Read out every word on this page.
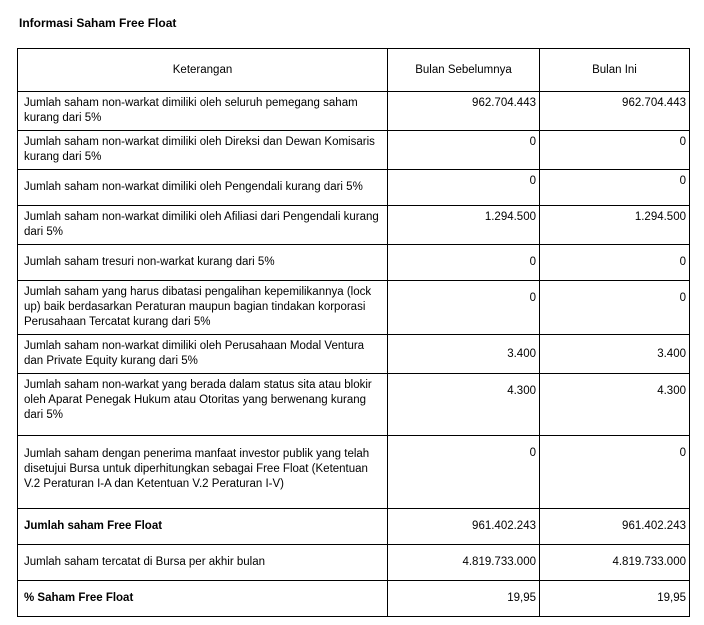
Informasi Saham Free Float
Keterangan	Bulan Sebelumnya	Bulan Ini
Jumlah saham non-warkat dimiliki oleh seluruh pemegang saham kurang dari 5%	962.704.443	962.704.443
Jumlah saham non-warkat dimiliki oleh Direksi dan Dewan Komisaris kurang dari 5%	0	0
Jumlah saham non-warkat dimiliki oleh Pengendali kurang dari 5%	0	0
Jumlah saham non-warkat dimiliki oleh Afiliasi dari Pengendali kurang dari 5%	1.294.500	1.294.500
Jumlah saham tresuri non-warkat kurang dari 5%	0	0
Jumlah saham yang harus dibatasi pengalihan kepemilikannya (lock up) baik berdasarkan Peraturan maupun bagian tindakan korporasi Perusahaan Tercatat kurang dari 5%	0	0
Jumlah saham non-warkat dimiliki oleh Perusahaan Modal Ventura dan Private Equity kurang dari 5%	3.400	3.400
Jumlah saham non-warkat yang berada dalam status sita atau blokir oleh Aparat Penegak Hukum atau Otoritas yang berwenang kurang dari 5%	4.300	4.300
Jumlah saham dengan penerima manfaat investor publik yang telah disetujui Bursa untuk diperhitungkan sebagai Free Float (Ketentuan V.2 Peraturan I-A dan Ketentuan V.2 Peraturan I-V)	0	0
Jumlah saham Free Float	961.402.243	961.402.243
Jumlah saham tercatat di Bursa per akhir bulan	4.819.733.000	4.819.733.000
% Saham Free Float	19,95	19,95
